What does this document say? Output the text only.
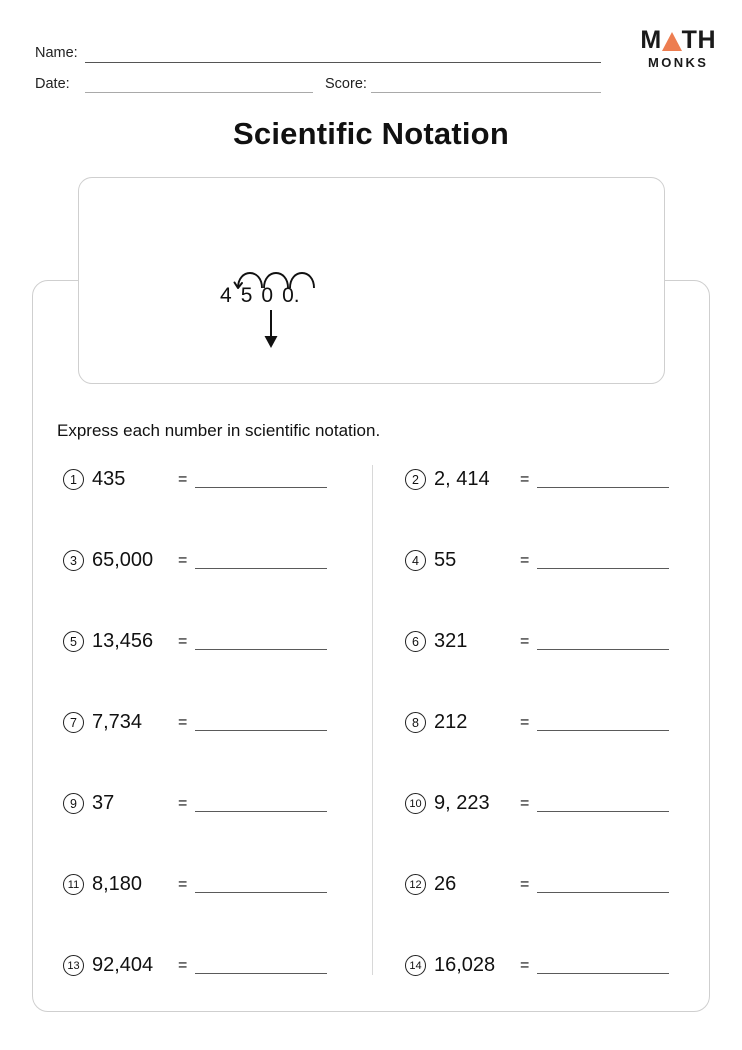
Name:
Date:	Score:
M TH
MONKS
Scientific Notation
4 5 0 0.
Express each number in scientific notation.
1 435	=	2 2, 414	=
3 65,000	=	4 55	=
5 13,456	=	6 321	=
7 7,734	=	8 212	=
9 37	=	10 9, 223	=
11 8,180	=	12 26	=
13 92,404	=	14 16,028	=
